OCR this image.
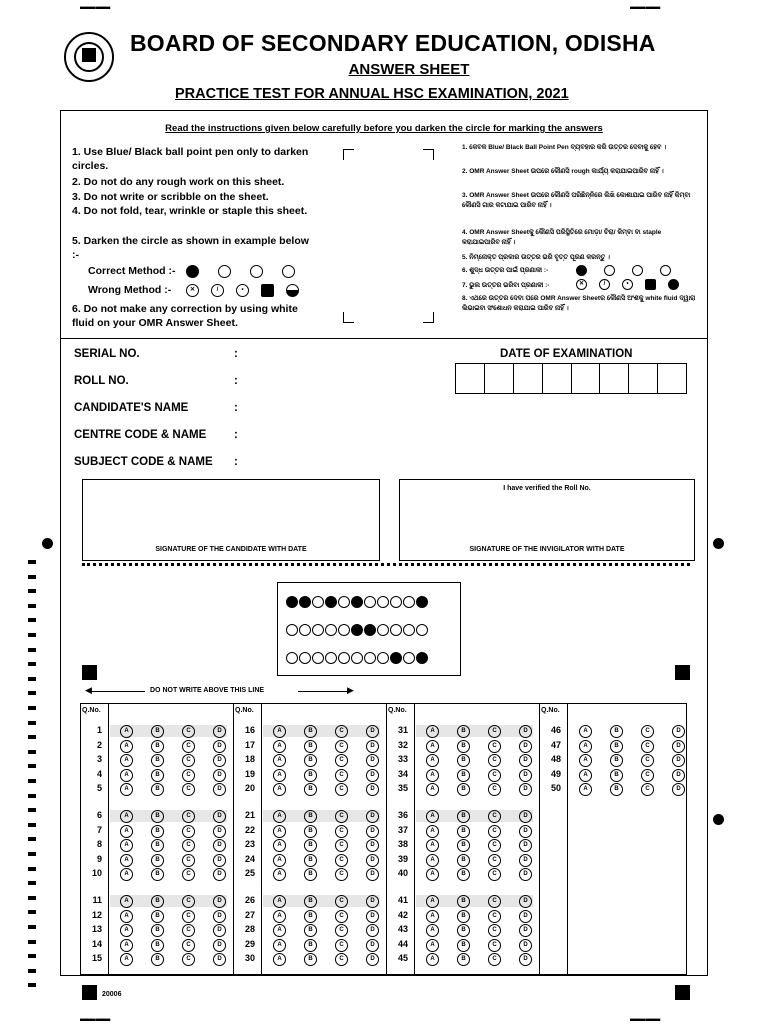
BOARD OF SECONDARY EDUCATION, ODISHA
ANSWER SHEET
PRACTICE TEST FOR ANNUAL HSC EXAMINATION, 2021
▬▬ ▬▬	▬▬ ▬▬
▬▬ ▬▬	▬▬ ▬▬
Read the instructions given below carefully before you darken the circle for marking the answers
1. Use Blue/ Black ball point pen only to darken circles.
2. Do not do any rough work on this sheet.
3. Do not write or scribble on the sheet.
4. Do not fold, tear, wrinkle or staple this sheet.
5. Darken the circle as shown in example below :-
Correct Method :-
Wrong Method :-
6. Do not make any correction by using white fluid on your OMR Answer Sheet.
✕	/	•
1. କେବଳ Blue/ Black Ball Point Pen ବ୍ୟବହାର କରି ଉତ୍ତର ଦେବାକୁ ହେବ ।
2. OMR Answer Sheet ଉପରେ କୌଣସି rough କାର୍ଯ୍ୟ କରାଯାଇପାରିବ ନାହିଁ ।
3. OMR Answer Sheet ଉପରେ କୌଣସି ପରିଛିନ୍ନିରେ ଲିଖି କୋଶାଯାଇ ପାରିବ ନାହିଁ କିମ୍ବା କୌଣସି ଗାର କଟାଯାଇ ପାରିବ ନାହିଁ ।
4. OMR Answer Sheetକୁ କୌଣସି ପରିସ୍ଥିତିରେ ମୋଡ଼ା/ ଚିରା/ କିମ୍ବା ବା staple କରାଯାଇପାରିବ ନାହିଁ ।
5. ନିମ୍ନୋକ୍ତ ପ୍ରକାର ଉତ୍ତର ଭରି ବୃତ୍ତ ପୂରଣ କରନ୍ତୁ ।
6. ଶୁଦ୍ଧ ଉତ୍ତର ପାଇଁ ପ୍ରଣାଳୀ :-
7. ଭୁଲ ଉତ୍ତର ଭରିବା ପ୍ରଣାଳୀ :-
8. ଏଥରେ ଉତ୍ତର ଦେବା ପରେ OMR Answer Sheetର କୌଣସି ଅଂଶକୁ white fluid ଦ୍ୱାରା ଲିଭାଇବା ସଂଶୋଧନ କରାଯାଇ ପାରିବ ନାହିଁ ।
✕	/	•
SERIAL NO.	:
ROLL NO.	:
CANDIDATE'S NAME	:
CENTRE CODE & NAME :
SUBJECT CODE & NAME :
DATE OF EXAMINATION
SIGNATURE OF THE CANDIDATE WITH DATE
I have verified the Roll No.
SIGNATURE OF THE INVIGILATOR WITH DATE
◀	DO NOT WRITE ABOVE THIS LINE	▶
Q.No.
1	A	B	C	D
2	A	B	C	D
3	A	B	C	D
4	A	B	C	D
5	A	B	C	D
6	A	B	C	D
7	A	B	C	D
8	A	B	C	D
9	A	B	C	D
10	A	B	C	D
11	A	B	C	D
12	A	B	C	D
13	A	B	C	D
14	A	B	C	D
15	A	B	C	D
Q.No.
16	A	B	C	D
17	A	B	C	D
18	A	B	C	D
19	A	B	C	D
20	A	B	C	D
21	A	B	C	D
22	A	B	C	D
23	A	B	C	D
24	A	B	C	D
25	A	B	C	D
26	A	B	C	D
27	A	B	C	D
28	A	B	C	D
29	A	B	C	D
30	A	B	C	D
Q.No.
31	A	B	C	D
32	A	B	C	D
33	A	B	C	D
34	A	B	C	D
35	A	B	C	D
36	A	B	C	D
37	A	B	C	D
38	A	B	C	D
39	A	B	C	D
40	A	B	C	D
41	A	B	C	D
42	A	B	C	D
43	A	B	C	D
44	A	B	C	D
45	A	B	C	D
Q.No.
46	A	B	C	D
47	A	B	C	D
48	A	B	C	D
49	A	B	C	D
50	A	B	C	D
20006
